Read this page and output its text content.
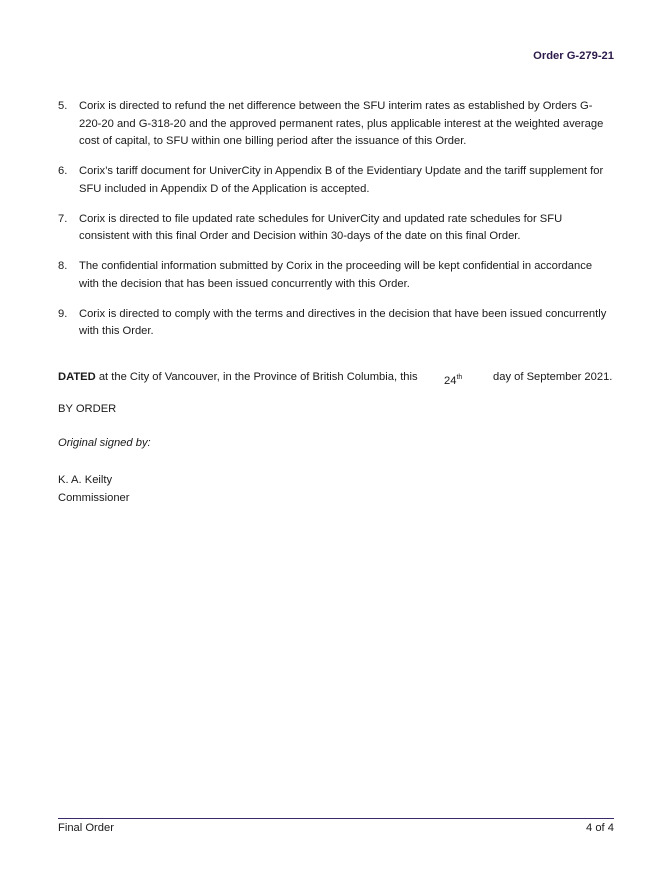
Order G-279-21
5.	Corix is directed to refund the net difference between the SFU interim rates as established by Orders G-220-20 and G-318-20 and the approved permanent rates, plus applicable interest at the weighted average cost of capital, to SFU within one billing period after the issuance of this Order.
6.	Corix’s tariff document for UniverCity in Appendix B of the Evidentiary Update and the tariff supplement for SFU included in Appendix D of the Application is accepted.
7.	Corix is directed to file updated rate schedules for UniverCity and updated rate schedules for SFU consistent with this final Order and Decision within 30-days of the date on this final Order.
8.	The confidential information submitted by Corix in the proceeding will be kept confidential in accordance with the decision that has been issued concurrently with this Order.
9.	Corix is directed to comply with the terms and directives in the decision that have been issued concurrently with this Order.
DATED at the City of Vancouver, in the Province of British Columbia, this 24th	day of September 2021.
BY ORDER
Original signed by:
K. A. Keilty
Commissioner
Final Order	4 of 4
